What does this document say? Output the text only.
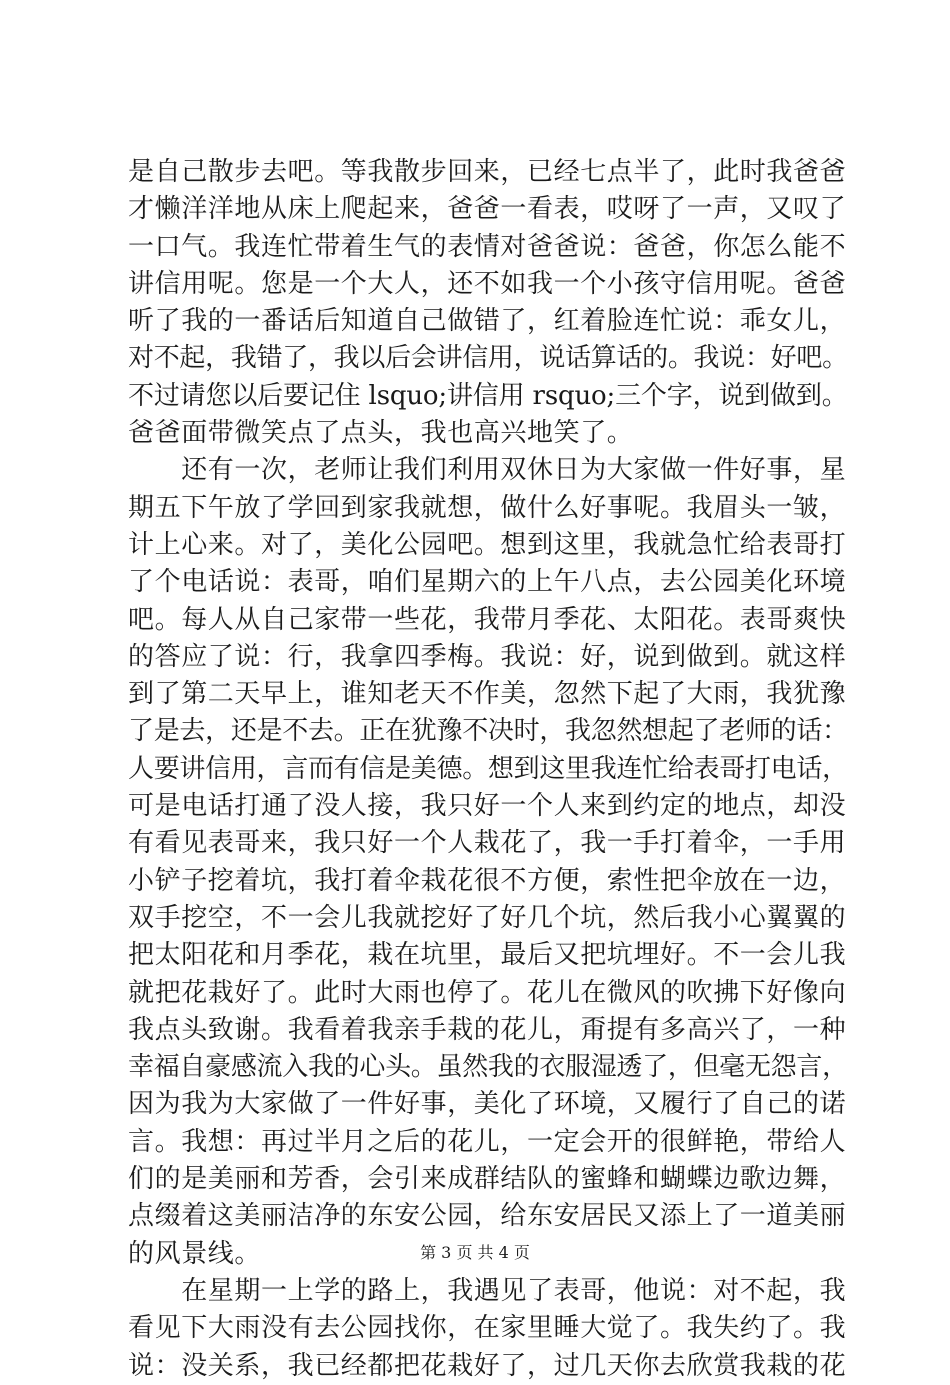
是自己散步去吧。等我散步回来，已经七点半了，此时我爸爸
才懒洋洋地从床上爬起来，爸爸一看表，哎呀了一声，又叹了
一口气。我连忙带着生气的表情对爸爸说：爸爸，你怎么能不
讲信用呢。您是一个大人，还不如我一个小孩守信用呢。爸爸
听了我的一番话后知道自己做错了，红着脸连忙说：乖女儿，
对不起，我错了，我以后会讲信用，说话算话的。我说：好吧。
不过请您以后要记住 lsquo;讲信用 rsquo;三个字，说到做到。
爸爸面带微笑点了点头，我也高兴地笑了。
　　还有一次，老师让我们利用双休日为大家做一件好事，星
期五下午放了学回到家我就想，做什么好事呢。我眉头一皱，
计上心来。对了，美化公园吧。想到这里，我就急忙给表哥打
了个电话说：表哥，咱们星期六的上午八点，去公园美化环境
吧。每人从自己家带一些花，我带月季花、太阳花。表哥爽快
的答应了说：行，我拿四季梅。我说：好，说到做到。就这样
到了第二天早上，谁知老天不作美，忽然下起了大雨，我犹豫
了是去，还是不去。正在犹豫不决时，我忽然想起了老师的话：
人要讲信用，言而有信是美德。想到这里我连忙给表哥打电话，
可是电话打通了没人接，我只好一个人来到约定的地点，却没
有看见表哥来，我只好一个人栽花了，我一手打着伞，一手用
小铲子挖着坑，我打着伞栽花很不方便，索性把伞放在一边，
双手挖空，不一会儿我就挖好了好几个坑，然后我小心翼翼的
把太阳花和月季花，栽在坑里，最后又把坑埋好。不一会儿我
就把花栽好了。此时大雨也停了。花儿在微风的吹拂下好像向
我点头致谢。我看着我亲手栽的花儿，甭提有多高兴了，一种
幸福自豪感流入我的心头。虽然我的衣服湿透了，但毫无怨言，
因为我为大家做了一件好事，美化了环境，又履行了自己的诺
言。我想：再过半月之后的花儿，一定会开的很鲜艳，带给人
们的是美丽和芳香，会引来成群结队的蜜蜂和蝴蝶边歌边舞，
点缀着这美丽洁净的东安公园，给东安居民又添上了一道美丽
的风景线。
　　在星期一上学的路上，我遇见了表哥，他说：对不起，我
看见下大雨没有去公园找你，在家里睡大觉了。我失约了。我
说：没关系，我已经都把花栽好了，过几天你去欣赏我栽的花
第 3 页 共 4 页
